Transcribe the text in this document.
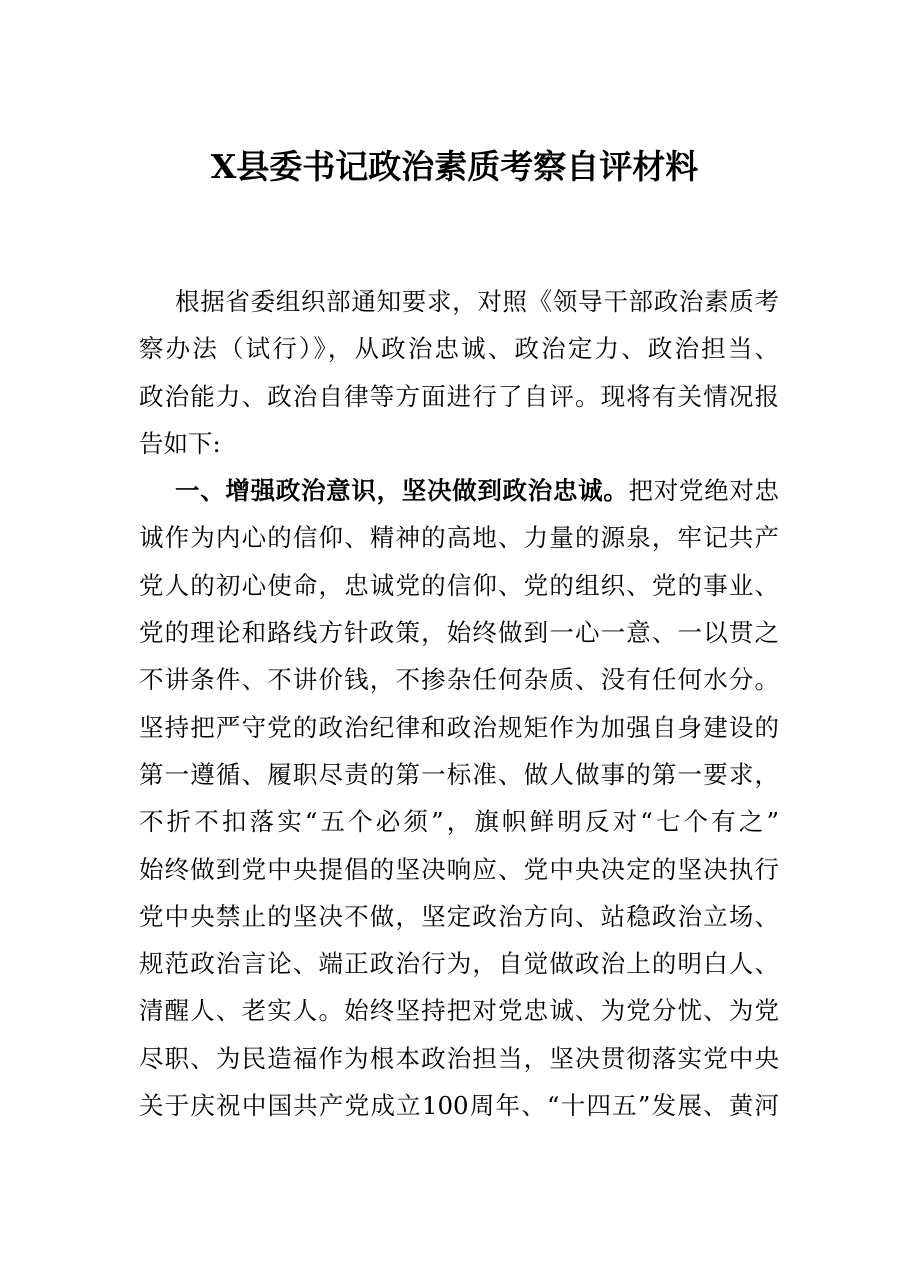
X县委书记政治素质考察自评材料
根据省委组织部通知要求，对照《领导干部政治素质考
察办法（试行）》，从政治忠诚、政治定力、政治担当、
政治能力、政治自律等方面进行了自评。现将有关情况报
告如下:
一、增强政治意识，坚决做到政治忠诚。把对党绝对忠
诚作为内心的信仰、精神的高地、力量的源泉，牢记共产
党人的初心使命，忠诚党的信仰、党的组织、党的事业、
党的理论和路线方针政策，始终做到一心一意、一以贯之
不讲条件、不讲价钱，不掺杂任何杂质、没有任何水分。
坚持把严守党的政治纪律和政治规矩作为加强自身建设的
第一遵循、履职尽责的第一标准、做人做事的第一要求，
不折不扣落实“五个必须”，旗帜鲜明反对“七个有之”
始终做到党中央提倡的坚决响应、党中央决定的坚决执行
党中央禁止的坚决不做，坚定政治方向、站稳政治立场、
规范政治言论、端正政治行为，自觉做政治上的明白人、
清醒人、老实人。始终坚持把对党忠诚、为党分忧、为党
尽职、为民造福作为根本政治担当，坚决贯彻落实党中央
关于庆祝中国共产党成立100周年、“十四五”发展、黄河
